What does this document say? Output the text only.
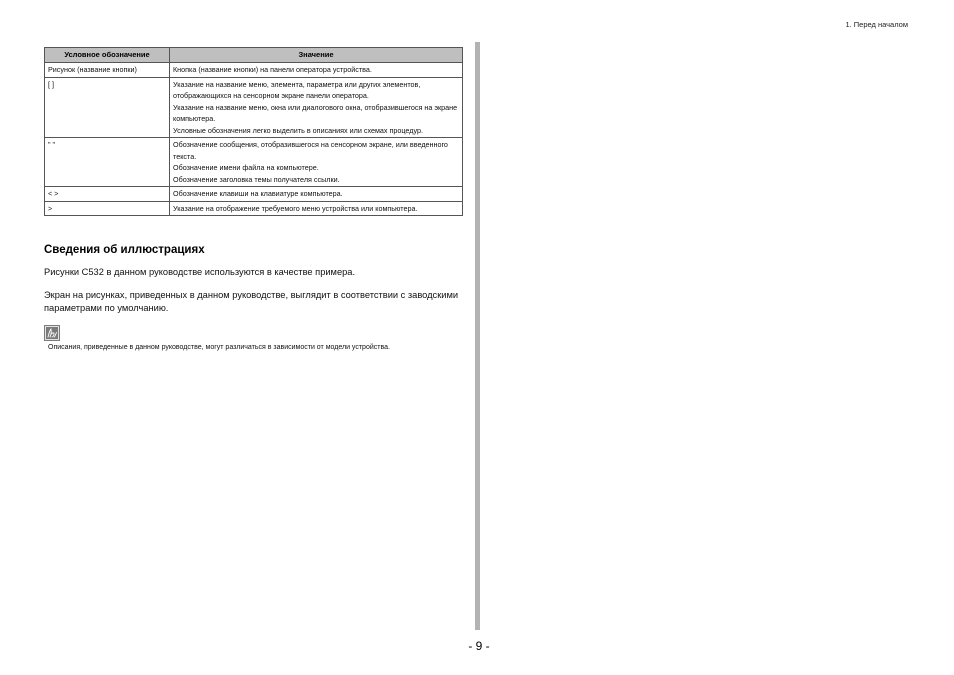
1. Перед началом
Условное обозначение	Значение
Рисунок (название кнопки)	Кнопка (название кнопки) на панели оператора устройства.

[ ]	Указание на название меню, элемента, параметра или других элементов, отображающихся на сенсорном экране панели оператора.
Указание на название меню, окна или диалогового окна, отобразившегося на экране компьютера.
Условные обозначения легко выделить в описаниях или схемах процедур.

" "	Обозначение сообщения, отобразившегося на сенсорном экране, или введенного текста.
Обозначение имени файла на компьютере.
Обозначение заголовка темы получателя ссылки.

< >	Обозначение клавиши на клавиатуре компьютера.

>	Указание на отображение требуемого меню устройства или компьютера.
Сведения об иллюстрациях
Рисунки C532 в данном руководстве используются в качестве примера.
Экран на рисунках, приведенных в данном руководстве, выглядит в соответствии с заводскими параметрами по умолчанию.
Описания, приведенные в данном руководстве, могут различаться в зависимости от модели устройства.
- 9 -
